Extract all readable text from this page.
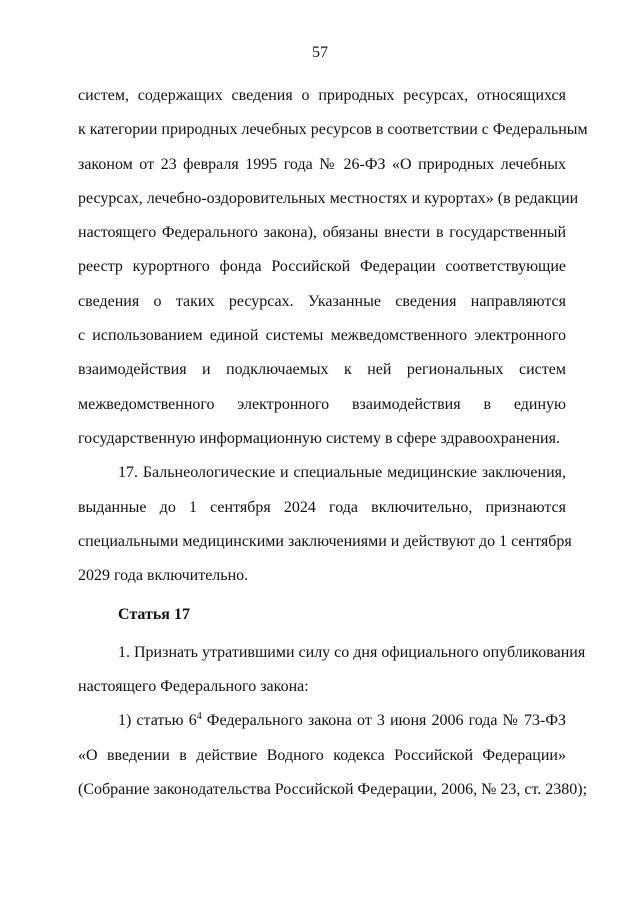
57
систем, содержащих сведения о природных ресурсах, относящихся
к категории природных лечебных ресурсов в соответствии с Федеральным
законом от 23 февраля 1995 года № 26-ФЗ «О природных лечебных
ресурсах, лечебно-оздоровительных местностях и курортах» (в редакции
настоящего Федерального закона), обязаны внести в государственный
реестр курортного фонда Российской Федерации соответствующие
сведения о таких ресурсах. Указанные сведения направляются
с использованием единой системы межведомственного электронного
взаимодействия и подключаемых к ней региональных систем
межведомственного электронного взаимодействия в единую
государственную информационную систему в сфере здравоохранения.
17. Бальнеологические и специальные медицинские заключения,
выданные до 1 сентября 2024 года включительно, признаются
специальными медицинскими заключениями и действуют до 1 сентября
2029 года включительно.
Статья 17
1. Признать утратившими силу со дня официального опубликования
настоящего Федерального закона:
1) статью $6^4$ Федерального закона от 3 июня 2006 года № 73-ФЗ
«О введении в действие Водного кодекса Российской Федерации»
(Собрание законодательства Российской Федерации, 2006, № 23, ст. 2380);
